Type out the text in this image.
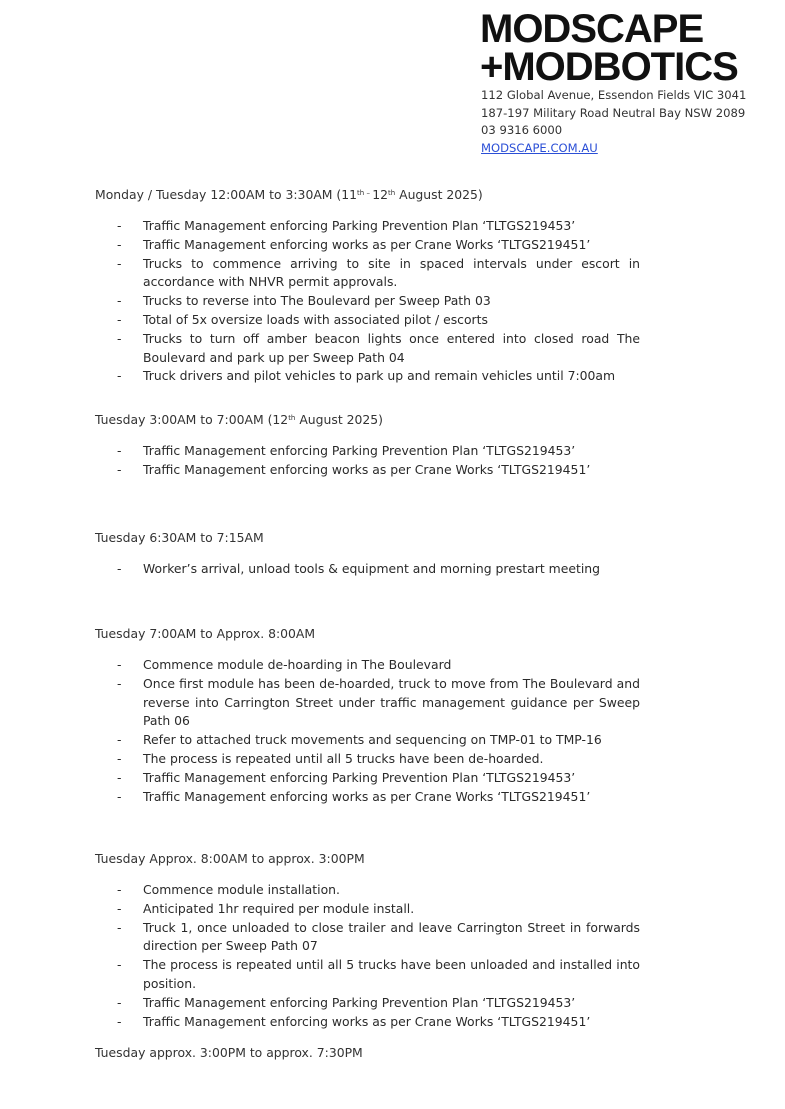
MODSCAPE
+MODBOTICS
112 Global Avenue, Essendon Fields VIC 3041
187-197 Military Road Neutral Bay NSW 2089
03 9316 6000
MODSCAPE.COM.AU
Monday / Tuesday 12:00AM to 3:30AM ($11^{th -}$ 12th August 2025)
- Traffic Management enforcing Parking Prevention Plan ‘TLTGS219453’
- Traffic Management enforcing works as per Crane Works ‘TLTGS219451’
- Trucks to commence arriving to site in spaced intervals under escort in accordance with NHVR permit approvals.
- Trucks to reverse into The Boulevard per Sweep Path 03
- Total of 5x oversize loads with associated pilot / escorts
- Trucks to turn off amber beacon lights once entered into closed road The Boulevard and park up per Sweep Path 04
- Truck drivers and pilot vehicles to park up and remain vehicles until 7:00am
Tuesday 3:00AM to 7:00AM (12th August 2025)
- Traffic Management enforcing Parking Prevention Plan ‘TLTGS219453’
- Traffic Management enforcing works as per Crane Works ‘TLTGS219451’
Tuesday 6:30AM to 7:15AM
- Worker’s arrival, unload tools & equipment and morning prestart meeting
Tuesday 7:00AM to Approx. 8:00AM
- Commence module de-hoarding in The Boulevard
- Once first module has been de-hoarded, truck to move from The Boulevard and reverse into Carrington Street under traffic management guidance per Sweep Path 06
- Refer to attached truck movements and sequencing on TMP-01 to TMP-16
- The process is repeated until all 5 trucks have been de-hoarded.
- Traffic Management enforcing Parking Prevention Plan ‘TLTGS219453’
- Traffic Management enforcing works as per Crane Works ‘TLTGS219451’
Tuesday Approx. 8:00AM to approx. 3:00PM
- Commence module installation.
- Anticipated 1hr required per module install.
- Truck 1, once unloaded to close trailer and leave Carrington Street in forwards direction per Sweep Path 07
- The process is repeated until all 5 trucks have been unloaded and installed into position.
- Traffic Management enforcing Parking Prevention Plan ‘TLTGS219453’
- Traffic Management enforcing works as per Crane Works ‘TLTGS219451’
Tuesday approx. 3:00PM to approx. 7:30PM
